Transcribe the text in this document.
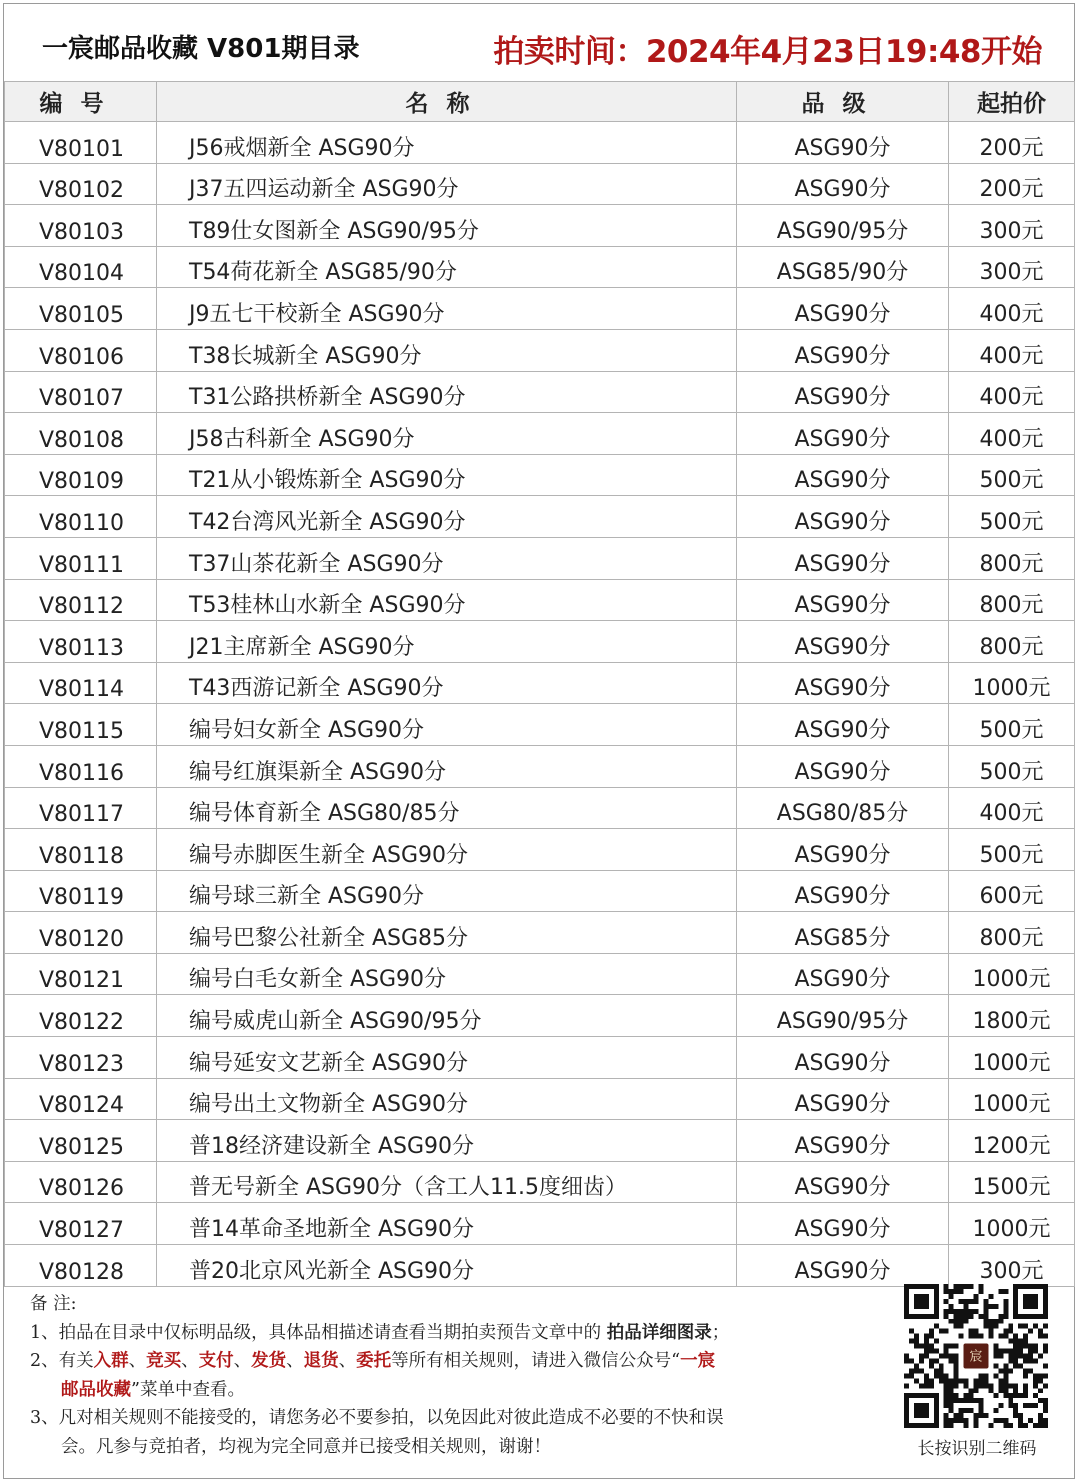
一宸邮品收藏 V801期目录	拍卖时间：2024年4月23日19:48开始
编号	名称	品级	起拍价
V80101	J56戒烟新全 ASG90分	ASG90分	200元
V80102	J37五四运动新全 ASG90分	ASG90分	200元
V80103	T89仕女图新全 ASG90/95分	ASG90/95分	300元
V80104	T54荷花新全 ASG85/90分	ASG85/90分	300元
V80105	J9五七干校新全 ASG90分	ASG90分	400元
V80106	T38长城新全 ASG90分	ASG90分	400元
V80107	T31公路拱桥新全 ASG90分	ASG90分	400元
V80108	J58古科新全 ASG90分	ASG90分	400元
V80109	T21从小锻炼新全 ASG90分	ASG90分	500元
V80110	T42台湾风光新全 ASG90分	ASG90分	500元
V80111	T37山茶花新全 ASG90分	ASG90分	800元
V80112	T53桂林山水新全 ASG90分	ASG90分	800元
V80113	J21主席新全 ASG90分	ASG90分	800元
V80114	T43西游记新全 ASG90分	ASG90分	1000元
V80115	编号妇女新全 ASG90分	ASG90分	500元
V80116	编号红旗渠新全 ASG90分	ASG90分	500元
V80117	编号体育新全 ASG80/85分	ASG80/85分	400元
V80118	编号赤脚医生新全 ASG90分	ASG90分	500元
V80119	编号球三新全 ASG90分	ASG90分	600元
V80120	编号巴黎公社新全 ASG85分	ASG85分	800元
V80121	编号白毛女新全 ASG90分	ASG90分	1000元
V80122	编号威虎山新全 ASG90/95分	ASG90/95分	1800元
V80123	编号延安文艺新全 ASG90分	ASG90分	1000元
V80124	编号出土文物新全 ASG90分	ASG90分	1000元
V80125	普18经济建设新全 ASG90分	ASG90分	1200元
V80126	普无号新全 ASG90分（含工人11.5度细齿）	ASG90分	1500元
V80127	普14革命圣地新全 ASG90分	ASG90分	1000元
V80128	普20北京风光新全 ASG90分	ASG90分	300元
备 注:
1、拍品在目录中仅标明品级，具体品相描述请查看当期拍卖预告文章中的 拍品详细图录；
2、有关入群、竞买、支付、发货、退货、委托等所有相关规则，请进入微信公众号“一宸
邮品收藏”菜单中查看。
3、凡对相关规则不能接受的，请您务必不要参拍，以免因此对彼此造成不必要的不快和误
会。凡参与竞拍者，均视为完全同意并已接受相关规则，谢谢！
宸
长按识别二维码
